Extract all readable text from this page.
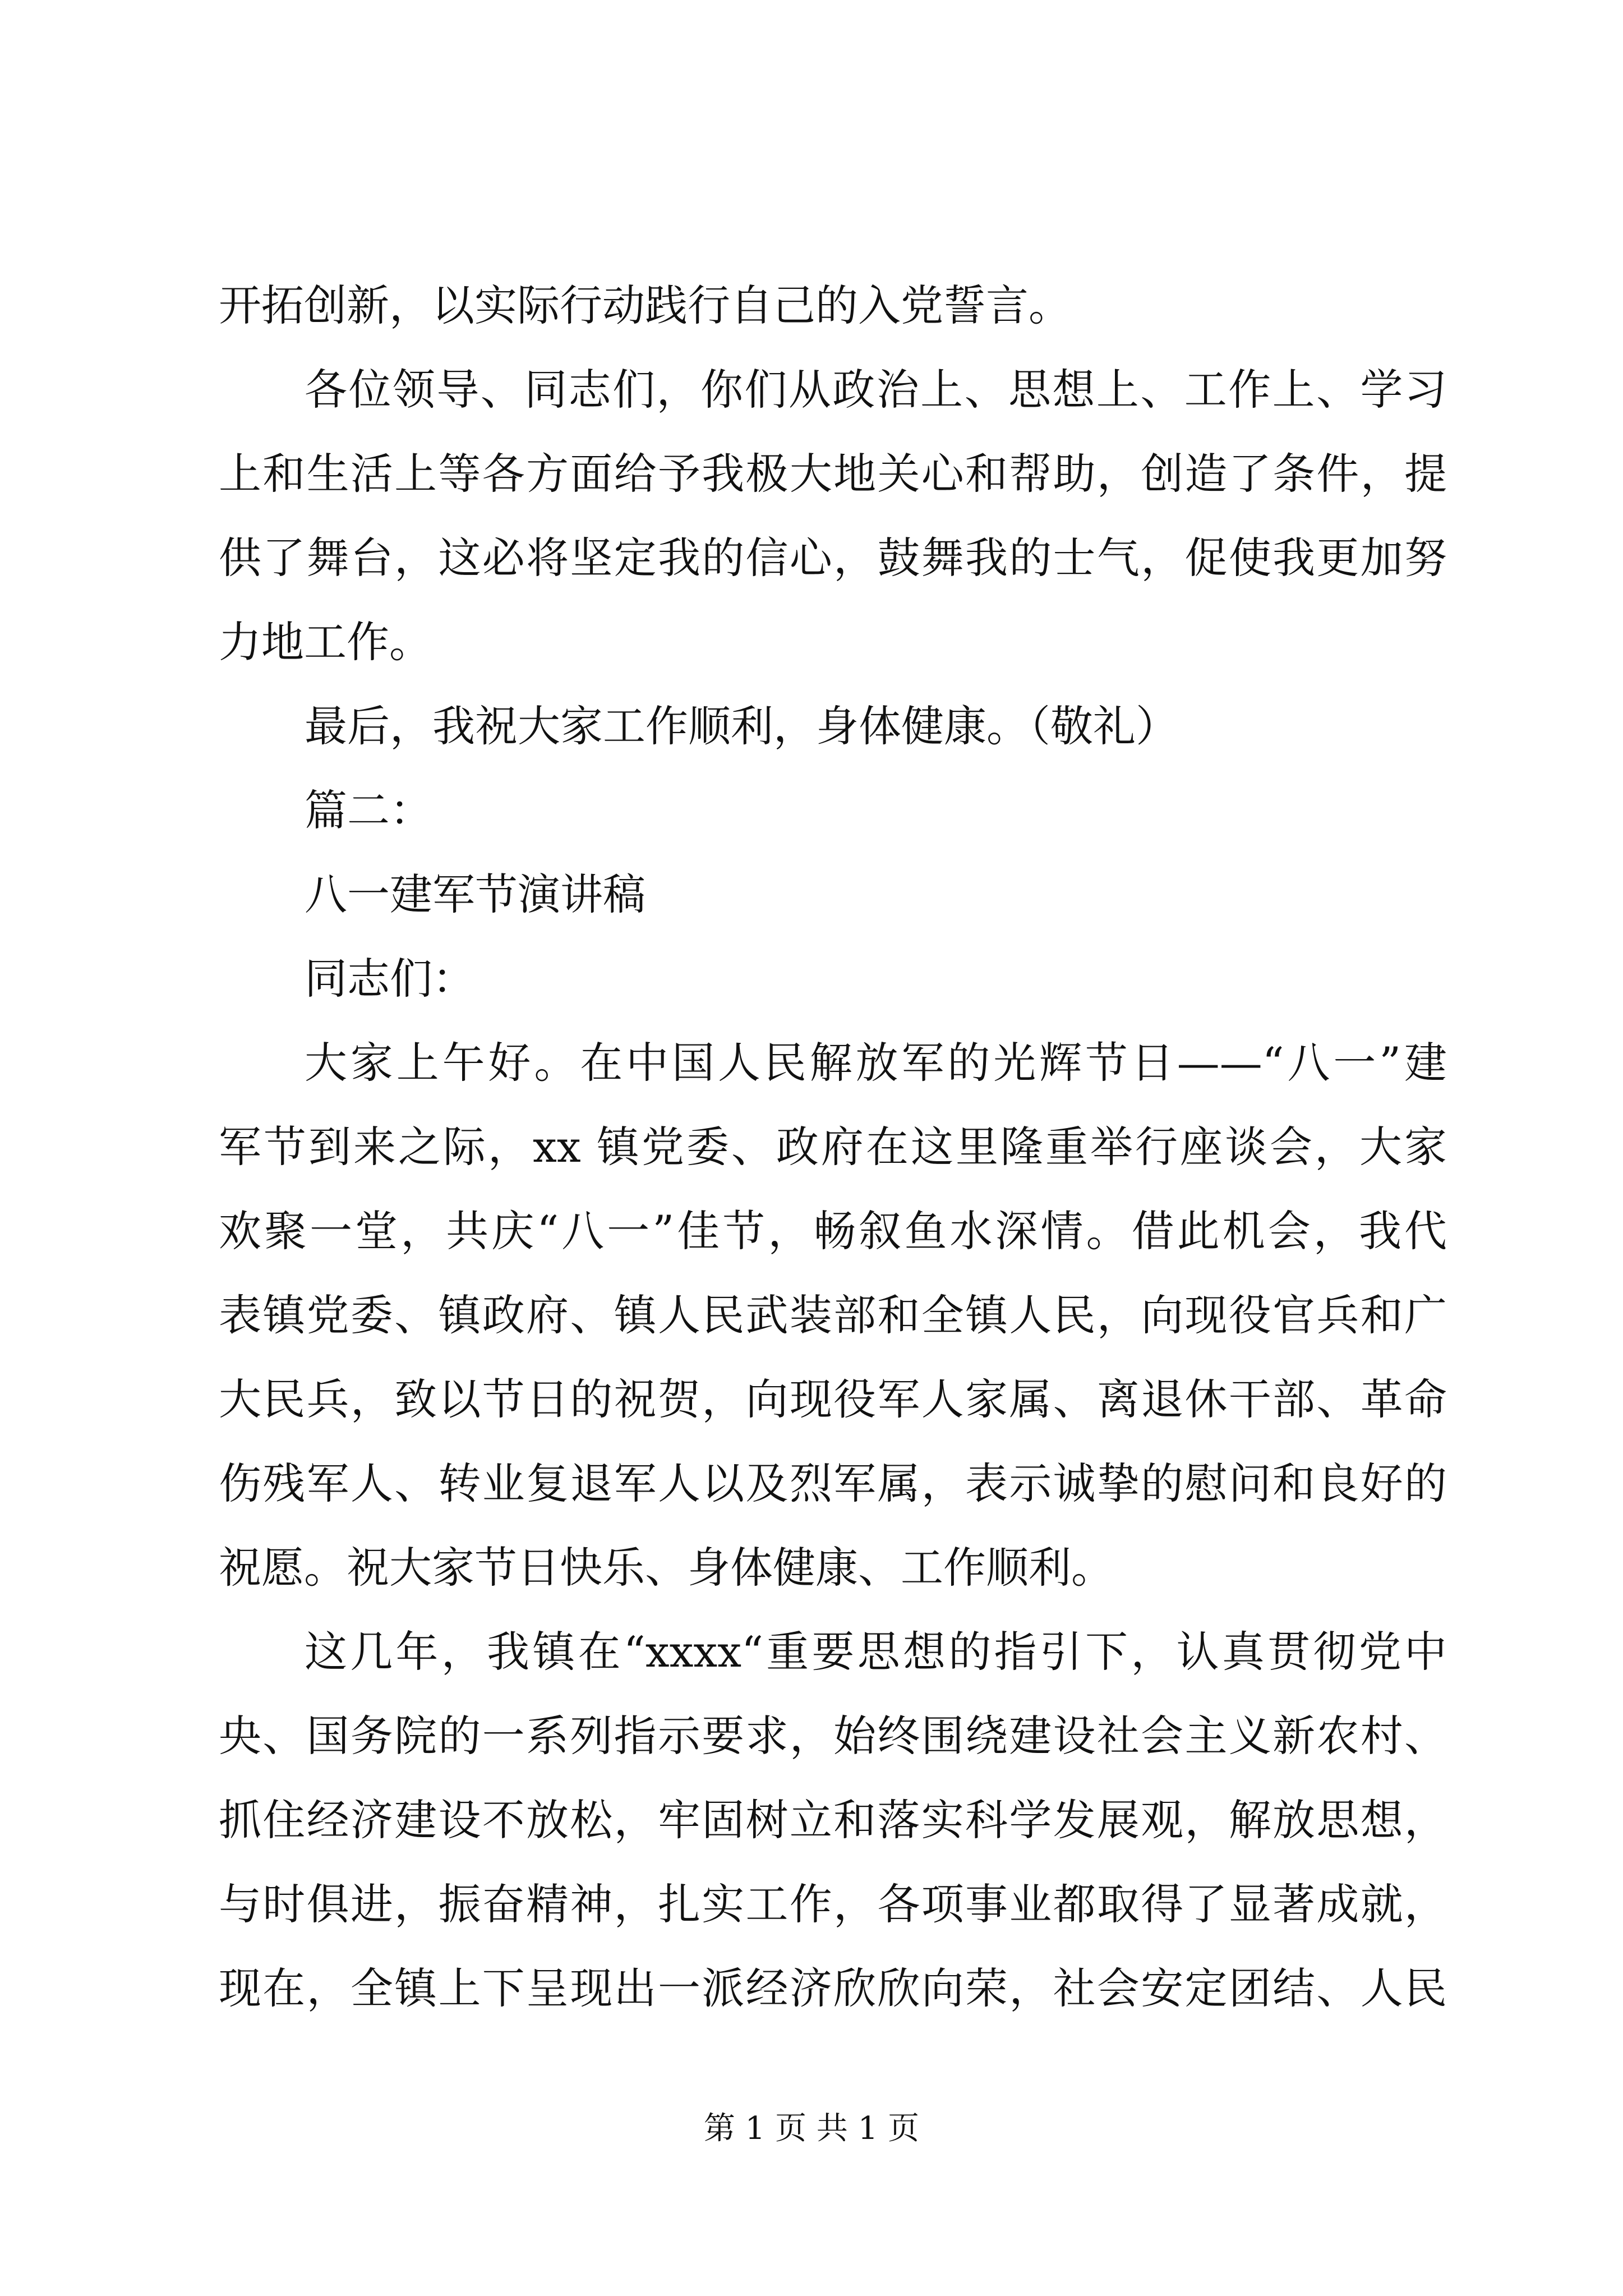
开拓创新，以实际行动践行自己的入党誓言。
各位领导、同志们，你们从政治上、思想上、工作上、学习
上和生活上等各方面给予我极大地关心和帮助，创造了条件，提
供了舞台，这必将坚定我的信心，鼓舞我的士气，促使我更加努
力地工作。
最后，我祝大家工作顺利，身体健康。（敬礼）
篇二：
八一建军节演讲稿
同志们：
大家上午好。在中国人民解放军的光辉节日——“八一”建
军节到来之际，xx 镇党委、政府在这里隆重举行座谈会，大家
欢聚一堂，共庆“八一”佳节，畅叙鱼水深情。借此机会，我代
表镇党委、镇政府、镇人民武装部和全镇人民，向现役官兵和广
大民兵，致以节日的祝贺，向现役军人家属、离退休干部、革命
伤残军人、转业复退军人以及烈军属，表示诚挚的慰问和良好的
祝愿。祝大家节日快乐、身体健康、工作顺利。
这几年，我镇在“xxxx“重要思想的指引下，认真贯彻党中
央、国务院的一系列指示要求，始终围绕建设社会主义新农村、
抓住经济建设不放松，牢固树立和落实科学发展观，解放思想，
与时俱进，振奋精神，扎实工作，各项事业都取得了显著成就，
现在，全镇上下呈现出一派经济欣欣向荣，社会安定团结、人民
第 1 页 共 1 页
